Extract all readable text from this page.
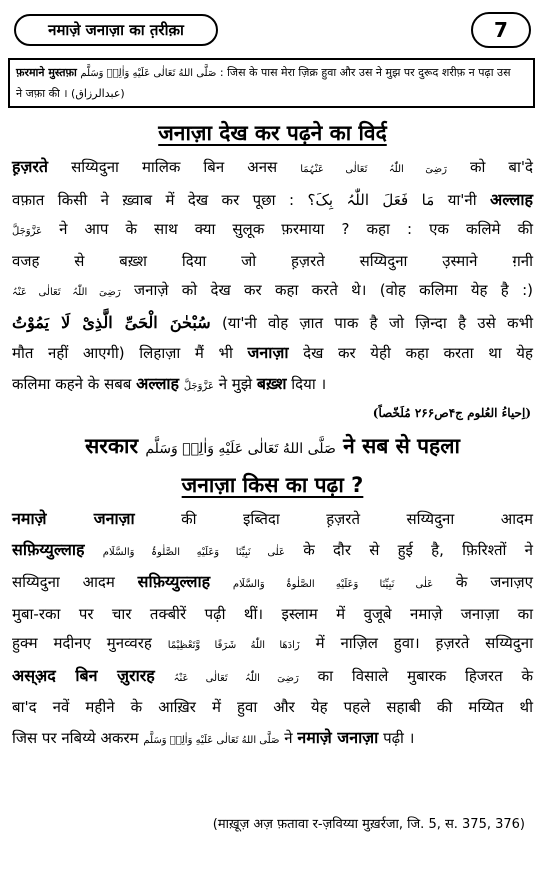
नमाज़े जनाज़ा का त़रीक़ा	7
फ़रमाने मुस्तफ़ा صَلَّى اللهُ تَعَالٰى عَلَيْهِ وَاٰلِهٖ وَسَلَّم : जिस के पास मेरा ज़िक्र हुवा और उस ने मुझ पर दुरूद शरीफ़ न पढ़ा उस
ने जफ़ा की । (عبدالرزاق)
जनाज़ा देख कर पढ़ने का विर्द
ह़ज़रते सय्यिदुना मालिक बिन अनस رَضِیَ اللّٰہُ تَعَالٰی عَنْہُمَا को बा'दे
वफ़ात किसी ने ख़्वाब में देख कर पूछा : مَا فَعَلَ اللّٰہُ بِکَ؟ या'नी अल्लाह
عَزَّوَجَلَّ ने आप के साथ क्या सुलूक फ़रमाया ? कहा : एक कलिमे की
वजह से बख़्श दिया जो ह़ज़रते सय्यिदुना उ़स्माने ग़नी
رَضِیَ اللّٰہُ تَعَالٰی عَنْہُ जनाज़े को देख कर कहा करते थे। (वोह कलिमा येह है :)
سُبْحٰنَ الْحَیِّ الَّذِیْ لَا یَمُوْتُ (या'नी वोह ज़ात पाक है जो ज़िन्दा है उसे कभी
मौत नहीं आएगी) लिहाज़ा मैं भी जनाज़ा देख कर येही कहा करता था येह

कलिमा कहने के सबब अल्लाह عَزَّوَجَلَّ ने मुझे बख़्श दिया ।
(اِحیاءُ العُلوم ج۴ص۲۶۶ مُلَخّصاً)
सरकार صَلَّى اللهُ تَعَالٰى عَلَيْهِ وَاٰلِهٖ وَسَلَّم ने सब से पहला
जनाज़ा किस का पढ़ा ?
नमाज़े जनाज़ा	की इब्तिदा ह़ज़रते सय्यिदुना आदम
सफ़िय्युल्लाह عَلٰی نَبِیِّنَا وَعَلَیْهِ الصَّلٰوۃُ وَالسَّلَام के दौर से हुई है, फ़िरिश्तों ने
सय्यिदुना आदम सफ़िय्युल्लाह عَلٰی نَبِیِّنَا وَعَلَیْهِ الصَّلٰوۃُ وَالسَّلَام के जनाज़ए
मुबा-रका पर चार तक्बीरें पढ़ी थीं। इस्लाम में वुजूबे नमाज़े जनाज़ा का
हुक्म मदीनए मुनव्वरह زَادَهَا اللّٰهُ شَرَفًا وَّتَعْظِيْمًا में नाज़िल हुवा। ह़ज़रते सय्यिदुना
अस्अ़द बिन ज़ुरारह رَضِیَ اللّٰہُ تَعَالٰی عَنْہُ का विसाले मुबारक हिजरत के
बा'द नवें महीने के आख़िर में हुवा और येह पहले सहाबी की मय्यित थी

जिस पर नबिय्ये अकरम صَلَّى اللهُ تَعَالٰى عَلَيْهِ وَاٰلِهٖ وَسَلَّم ने नमाज़े जनाज़ा पढ़ी ।
(माख़ूज़ अज़ फ़तावा र-ज़विय्या मुख़र्रजा, जि. 5, स. 375, 376)
